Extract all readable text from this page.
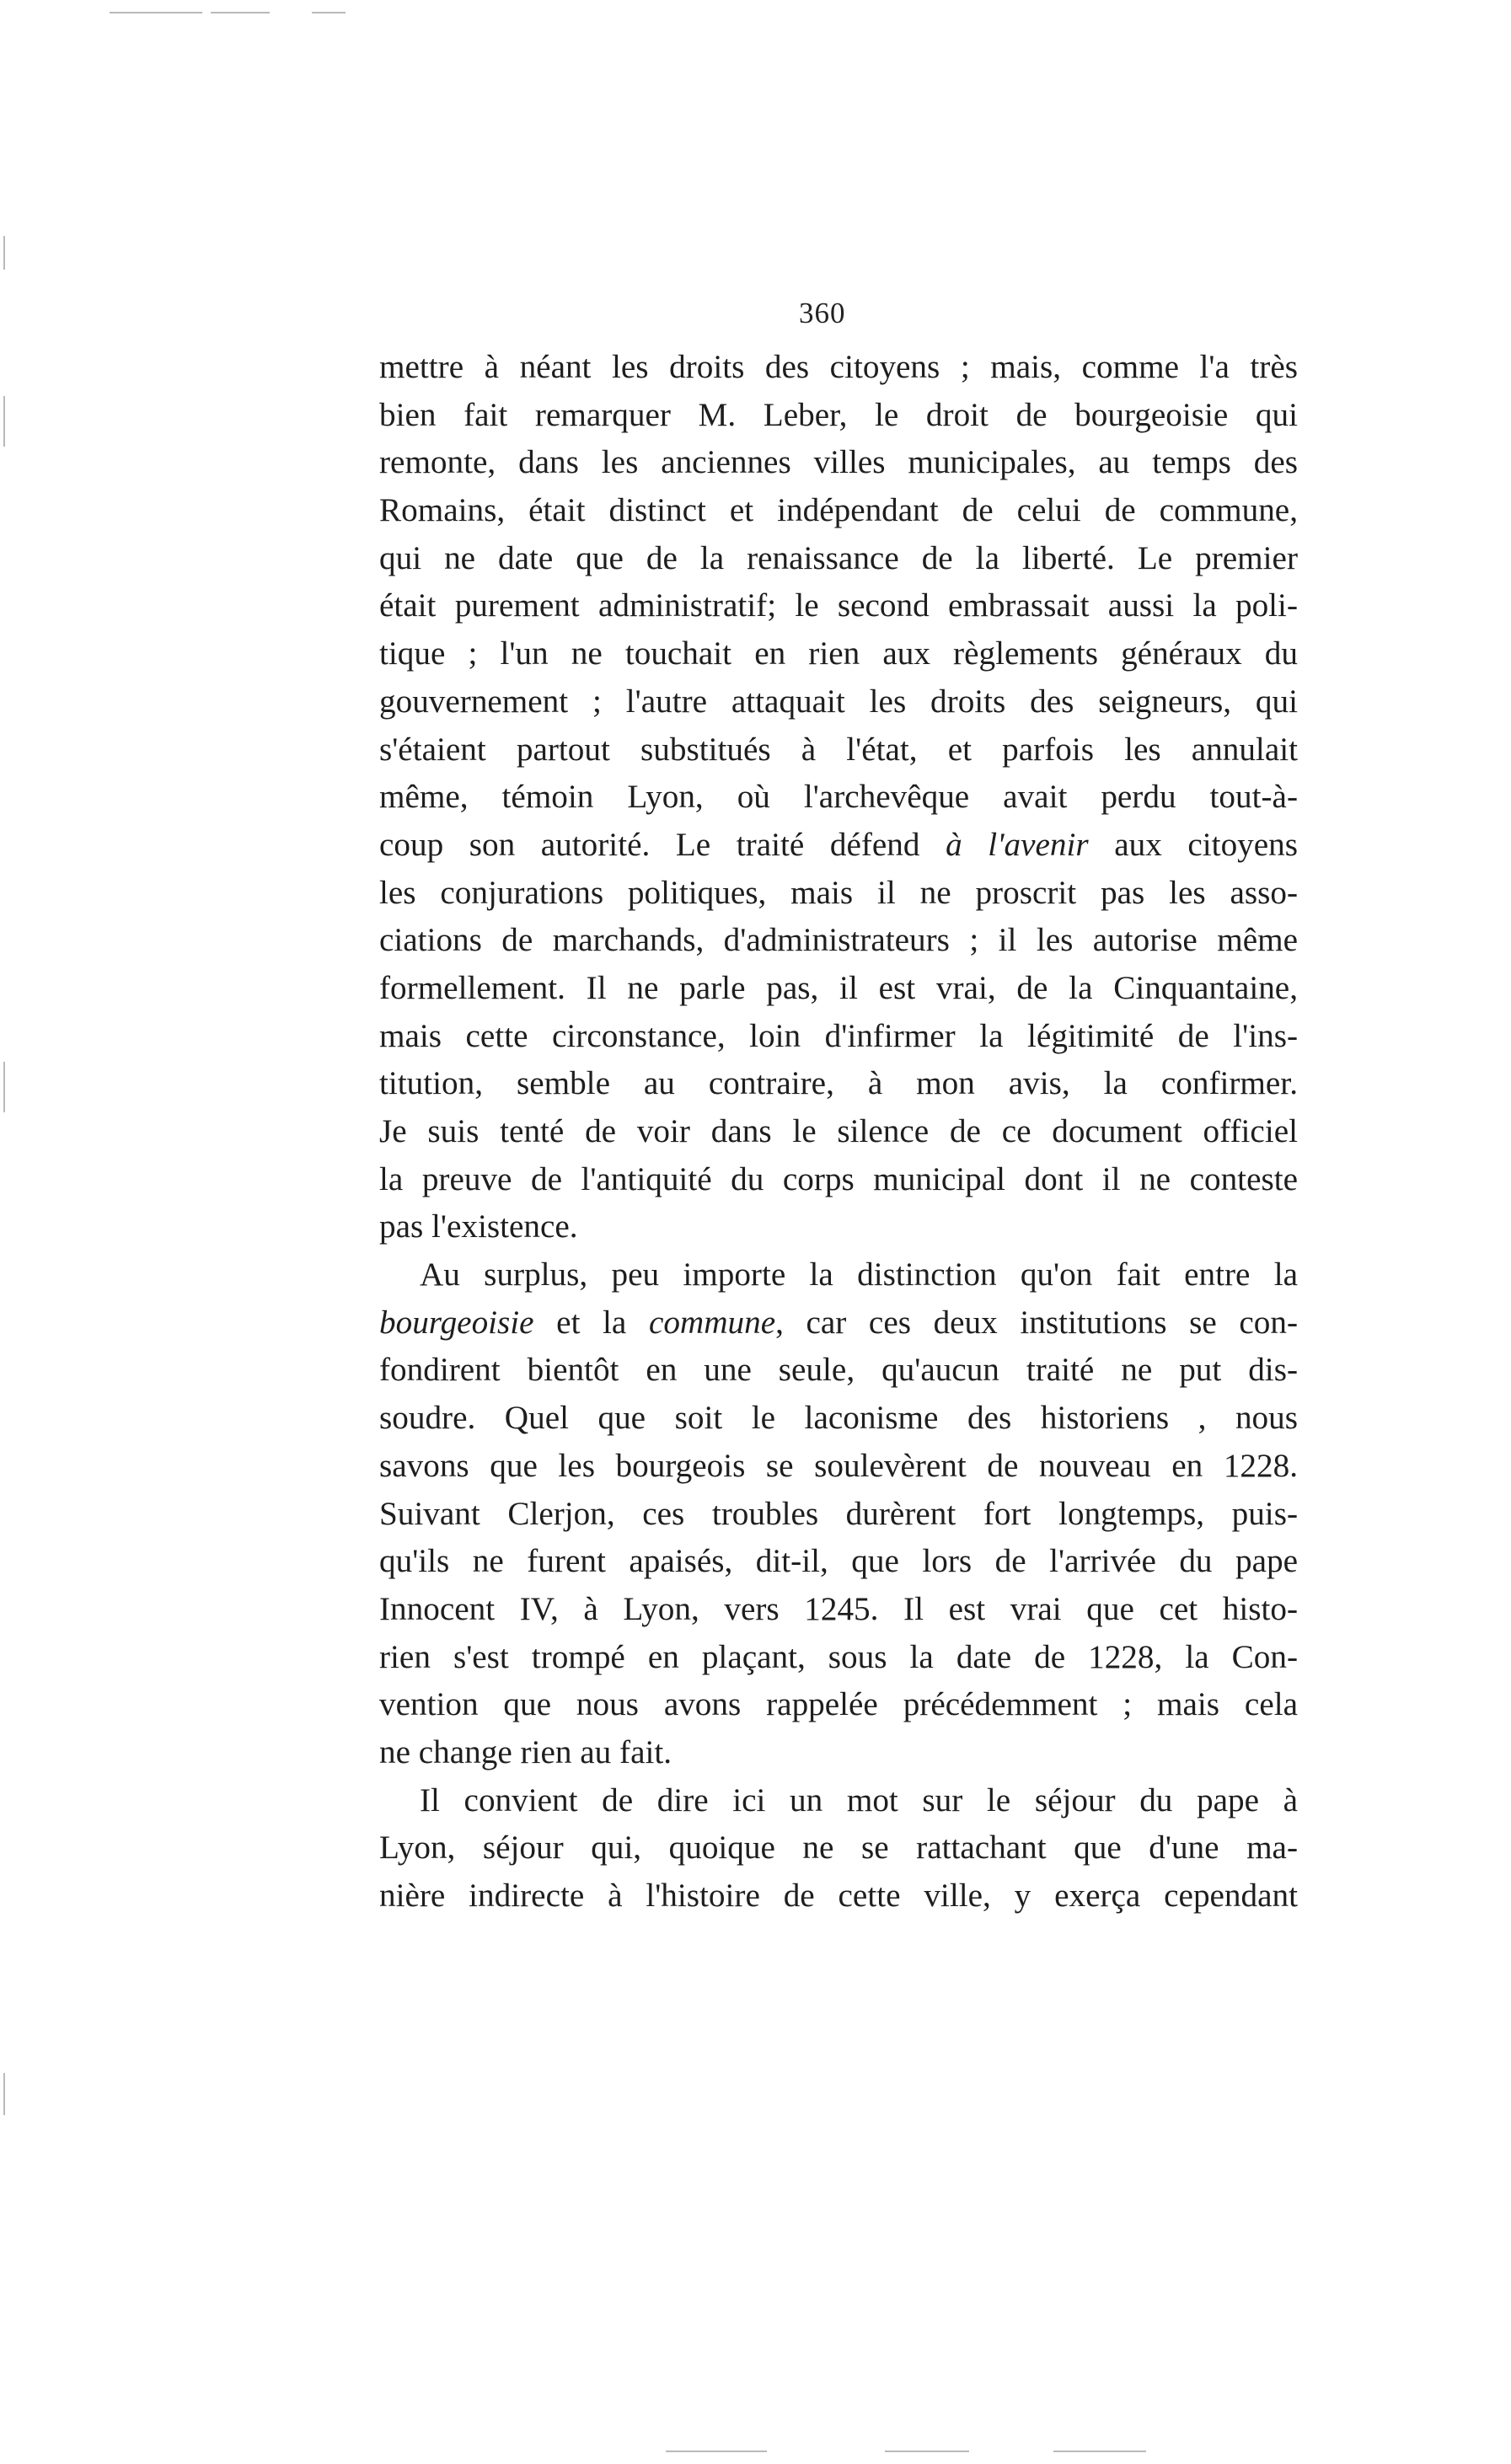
360
mettre à néant les droits des citoyens ; mais, comme l'a très
bien fait remarquer M. Leber, le droit de bourgeoisie qui
remonte, dans les anciennes villes municipales, au temps des
Romains, était distinct et indépendant de celui de commune,
qui ne date que de la renaissance de la liberté. Le premier
était purement administratif; le second embrassait aussi la poli-
tique ; l'un ne touchait en rien aux règlements généraux du
gouvernement ; l'autre attaquait les droits des seigneurs, qui
s'étaient partout substitués à l'état, et parfois les annulait
même, témoin Lyon, où l'archevêque avait perdu tout-à-
coup son autorité. Le traité défend à l'avenir aux citoyens
les conjurations politiques, mais il ne proscrit pas les asso-
ciations de marchands, d'administrateurs ; il les autorise même
formellement. Il ne parle pas, il est vrai, de la Cinquantaine,
mais cette circonstance, loin d'infirmer la légitimité de l'ins-
titution, semble au contraire, à mon avis, la confirmer.
Je suis tenté de voir dans le silence de ce document officiel
la preuve de l'antiquité du corps municipal dont il ne conteste
pas l'existence.
Au surplus, peu importe la distinction qu'on fait entre la
bourgeoisie et la commune, car ces deux institutions se con-
fondirent bientôt en une seule, qu'aucun traité ne put dis-
soudre. Quel que soit le laconisme des historiens , nous
savons que les bourgeois se soulevèrent de nouveau en 1228.
Suivant Clerjon, ces troubles durèrent fort longtemps, puis-
qu'ils ne furent apaisés, dit-il, que lors de l'arrivée du pape
Innocent IV, à Lyon, vers 1245. Il est vrai que cet histo-
rien s'est trompé en plaçant, sous la date de 1228, la Con-
vention que nous avons rappelée précédemment ; mais cela
ne change rien au fait.
Il convient de dire ici un mot sur le séjour du pape à
Lyon, séjour qui, quoique ne se rattachant que d'une ma-
nière indirecte à l'histoire de cette ville, y exerça cependant
